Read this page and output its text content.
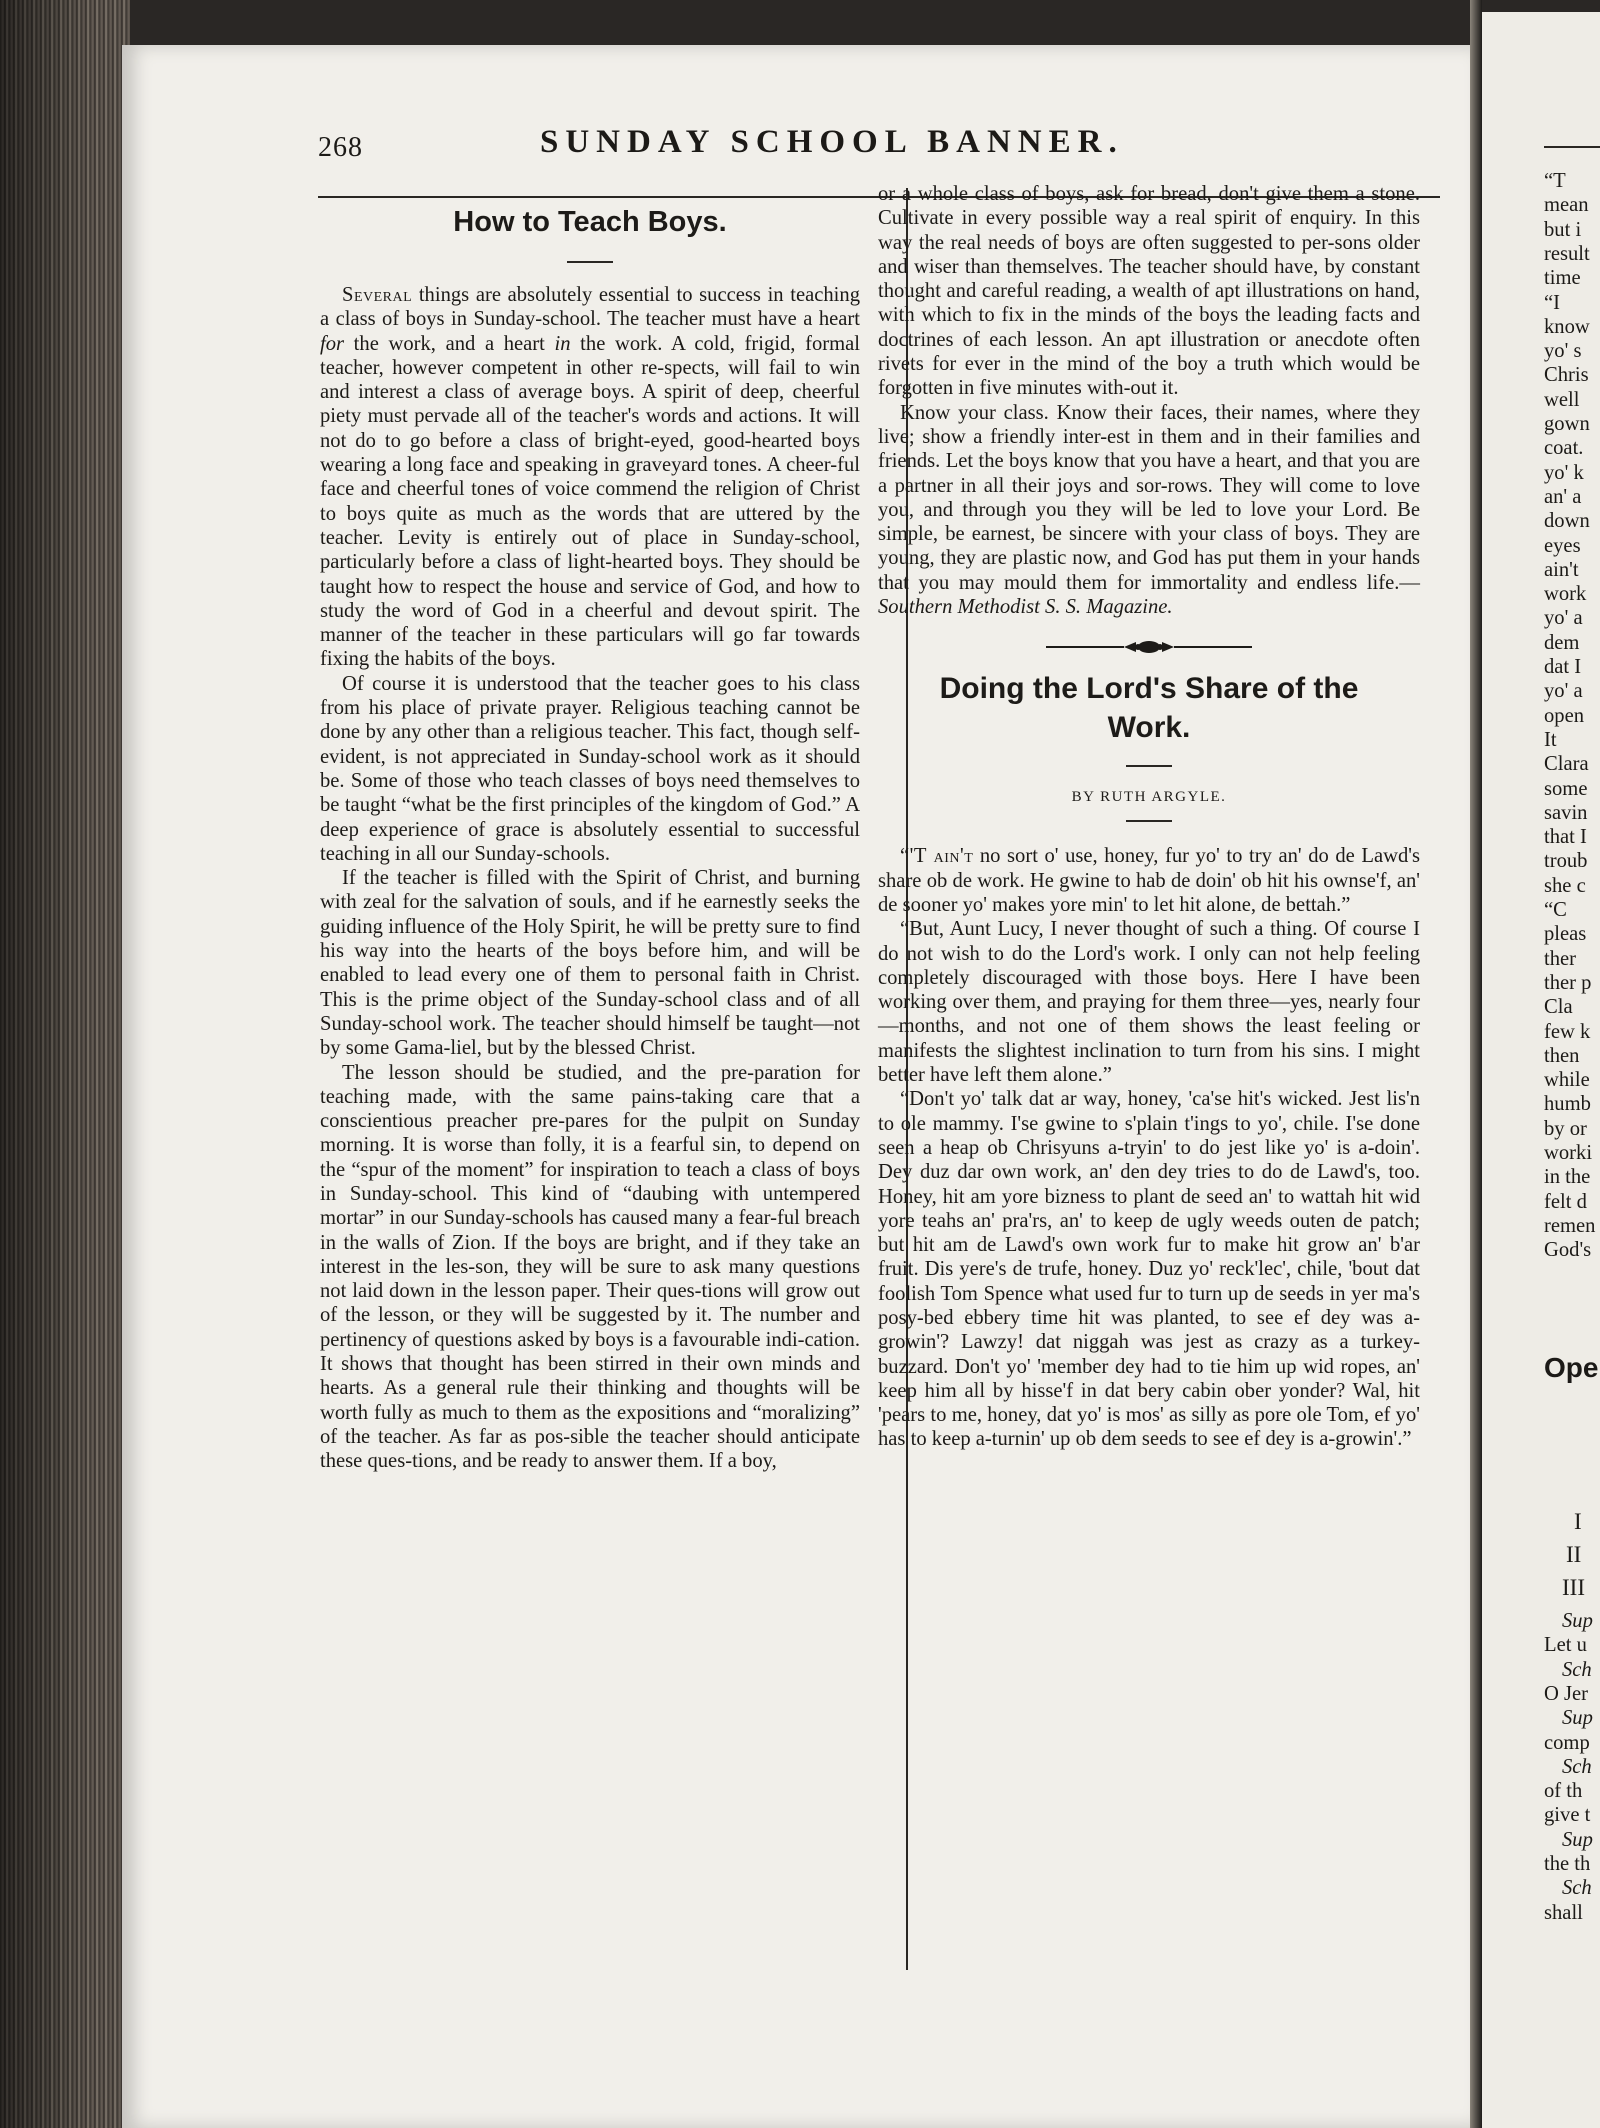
“T
mean
but i
result
time
“I
know
yo' s
Chris
well
gown
coat.
yo' k
an' a
down
eyes
ain't
work
yo' a
dem
dat I
yo' a
open
It
Clara
some
savin
that I
troub
she c
“C
pleas
ther
ther p
Cla
few k
then
while
humb
by or
worki
in the
felt d
remen
God's
Ope
I
II
III
Sup
Let u
Sch
O Jer
Sup
comp
Sch
of th
give t
Sup
the th
Sch
shall
268	SUNDAY SCHOOL BANNER.
How to Teach Boys.

Several things are absolutely essential to success in teaching a class of boys in Sunday-school. The teacher must have a heart for the work, and a heart in the work. A cold, frigid, formal teacher, however competent in other re-spects, will fail to win and interest a class of average boys. A spirit of deep, cheerful piety must pervade all of the teacher's words and actions. It will not do to go before a class of bright-eyed, good-hearted boys wearing a long face and speaking in graveyard tones. A cheer-ful face and cheerful tones of voice commend the religion of Christ to boys quite as much as the words that are uttered by the teacher. Levity is entirely out of place in Sunday-school, particularly before a class of light-hearted boys. They should be taught how to respect the house and service of God, and how to study the word of God in a cheerful and devout spirit. The manner of the teacher in these particulars will go far towards fixing the habits of the boys.

Of course it is understood that the teacher goes to his class from his place of private prayer. Religious teaching cannot be done by any other than a religious teacher. This fact, though self-evident, is not appreciated in Sunday-school work as it should be. Some of those who teach classes of boys need themselves to be taught “what be the first principles of the kingdom of God.” A deep experience of grace is absolutely essential to successful teaching in all our Sunday-schools.

If the teacher is filled with the Spirit of Christ, and burning with zeal for the salvation of souls, and if he earnestly seeks the guiding influence of the Holy Spirit, he will be pretty sure to find his way into the hearts of the boys before him, and will be enabled to lead every one of them to personal faith in Christ. This is the prime object of the Sunday-school class and of all Sunday-school work. The teacher should himself be taught—not by some Gama-liel, but by the blessed Christ.

The lesson should be studied, and the pre-paration for teaching made, with the same pains-taking care that a conscientious preacher pre-pares for the pulpit on Sunday morning. It is worse than folly, it is a fearful sin, to depend on the “spur of the moment” for inspiration to teach a class of boys in Sunday-school. This kind of “daubing with untempered mortar” in our Sunday-schools has caused many a fear-ful breach in the walls of Zion. If the boys are bright, and if they take an interest in the les-son, they will be sure to ask many questions not laid down in the lesson paper. Their ques-tions will grow out of the lesson, or they will be suggested by it. The number and pertinency of questions asked by boys is a favourable indi-cation. It shows that thought has been stirred in their own minds and hearts. As a general rule their thinking and thoughts will be worth fully as much to them as the expositions and “moralizing” of the teacher. As far as pos-sible the teacher should anticipate these ques-tions, and be ready to answer them. If a boy,

or a whole class of boys, ask for bread, don't give them a stone. Cultivate in every possible way a real spirit of enquiry. In this way the real needs of boys are often suggested to per-sons older and wiser than themselves. The teacher should have, by constant thought and careful reading, a wealth of apt illustrations on hand, with which to fix in the minds of the boys the leading facts and doctrines of each lesson. An apt illustration or anecdote often rivets for ever in the mind of the boy a truth which would be forgotten in five minutes with-out it.

Know your class. Know their faces, their names, where they live; show a friendly inter-est in them and in their families and friends. Let the boys know that you have a heart, and that you are a partner in all their joys and sor-rows. They will come to love you, and through you they will be led to love your Lord. Be simple, be earnest, be sincere with your class of boys. They are young, they are plastic now, and God has put them in your hands that you may mould them for immortality and endless life.—Southern Methodist S. S. Magazine.

Doing the Lord's Share of the Work.

BY RUTH ARGYLE.

“'T ain't no sort o' use, honey, fur yo' to try an' do de Lawd's share ob de work. He gwine to hab de doin' ob hit his ownse'f, an' de sooner yo' makes yore min' to let hit alone, de bettah.”

“But, Aunt Lucy, I never thought of such a thing. Of course I do not wish to do the Lord's work. I only can not help feeling completely discouraged with those boys. Here I have been working over them, and praying for them three—yes, nearly four—months, and not one of them shows the least feeling or manifests the slightest inclination to turn from his sins. I might better have left them alone.”

“Don't yo' talk dat ar way, honey, 'ca'se hit's wicked. Jest lis'n to ole mammy. I'se gwine to s'plain t'ings to yo', chile. I'se done seen a heap ob Chrisyuns a-tryin' to do jest like yo' is a-doin'. Dey duz dar own work, an' den dey tries to do de Lawd's, too. Honey, hit am yore bizness to plant de seed an' to wattah hit wid yore teahs an' pra'rs, an' to keep de ugly weeds outen de patch; but hit am de Lawd's own work fur to make hit grow an' b'ar fruit. Dis yere's de trufe, honey. Duz yo' reck'lec', chile, 'bout dat foolish Tom Spence what used fur to turn up de seeds in yer ma's posy-bed ebbery time hit was planted, to see ef dey was a-growin'? Lawzy! dat niggah was jest as crazy as a turkey-buzzard. Don't yo' 'member dey had to tie him up wid ropes, an' keep him all by hisse'f in dat bery cabin ober yonder? Wal, hit 'pears to me, honey, dat yo' is mos' as silly as pore ole Tom, ef yo' has to keep a-turnin' up ob dem seeds to see ef dey is a-growin'.”
